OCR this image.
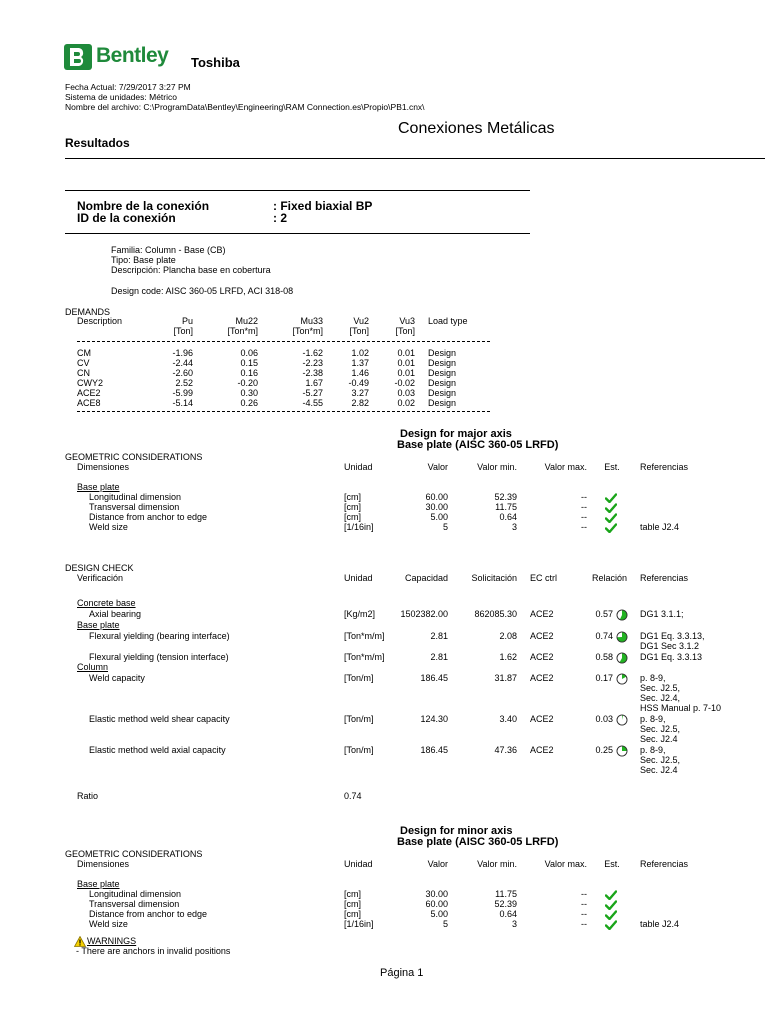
Bentley Toshiba
Fecha Actual: 7/29/2017 3:27 PM
Sistema de unidades: Métrico
Nombre del archivo: C:\ProgramData\Bentley\Engineering\RAM Connection.es\Propio\PB1.cnx\
Conexiones Metálicas
Resultados
Nombre de la conexión	: Fixed biaxial BP
ID de la conexión	: 2
Familia: Column - Base (CB)
Tipo: Base plate
Descripción: Plancha base en cobertura
Design code: AISC 360-05 LRFD, ACI 318-08
DEMANDS
Description	Pu	Mu22	Mu33	Vu2	Vu3 Load type
[Ton]	[Ton*m]	[Ton*m]	[Ton]	[Ton]
CM	-1.96	0.06	-1.62	1.02	0.01 Design
CV	-2.44	0.15	-2.23	1.37	0.01 Design
CN	-2.60	0.16	-2.38	1.46	0.01 Design
CWY2	2.52	-0.20	1.67	-0.49	-0.02 Design
ACE2	-5.99	0.30	-5.27	3.27	0.03 Design
ACE8	-5.14	0.26	-4.55	2.82	0.02 Design
Design for major axis
Base plate (AISC 360-05 LRFD)
GEOMETRIC CONSIDERATIONS
Dimensiones	Unidad	Valor	Valor min.	Valor max.	Est.	Referencias
Base plate
Longitudinal dimension	[cm]	60.00	52.39	--
Transversal dimension	[cm]	30.00	11.75	--
Distance from anchor to edge	[cm]	5.00	0.64	--
Weld size	[1/16in]	5	3	--	table J2.4
DESIGN CHECK
Verificación	Unidad	Capacidad	Solicitación EC ctrl	Relación Referencias
Concrete base
Base plate
Column
Axial bearing	[Kg/m2]	1502382.00	862085.30 ACE2	0.57	DG1 3.1.1;
Flexural yielding (bearing interface)	[Ton*m/m]	2.81	2.08 ACE2	0.74	DG1 Eq. 3.3.13,
DG1 Sec 3.1.2
Flexural yielding (tension interface)	[Ton*m/m]	2.81	1.62 ACE2	0.58	DG1 Eq. 3.3.13
Weld capacity	[Ton/m]	186.45	31.87 ACE2	0.17	p. 8-9,
Sec. J2.5,
Sec. J2.4,
HSS Manual p. 7-10
Elastic method weld shear capacity	[Ton/m]	124.30	3.40 ACE2	0.03	p. 8-9,
Sec. J2.5,
Sec. J2.4
Elastic method weld axial capacity	[Ton/m]	186.45	47.36 ACE2	0.25	p. 8-9,
Sec. J2.5,
Sec. J2.4
Ratio	0.74
Design for minor axis
Base plate (AISC 360-05 LRFD)
GEOMETRIC CONSIDERATIONS
Dimensiones	Unidad	Valor	Valor min.	Valor max.	Est.	Referencias
Base plate
Longitudinal dimension	[cm]	30.00	11.75	--
Transversal dimension	[cm]	60.00	52.39	--
Distance from anchor to edge	[cm]	5.00	0.64	--
Weld size	[1/16in]	5	3	--	table J2.4
WARNINGS
- There are anchors in invalid positions
Página 1
